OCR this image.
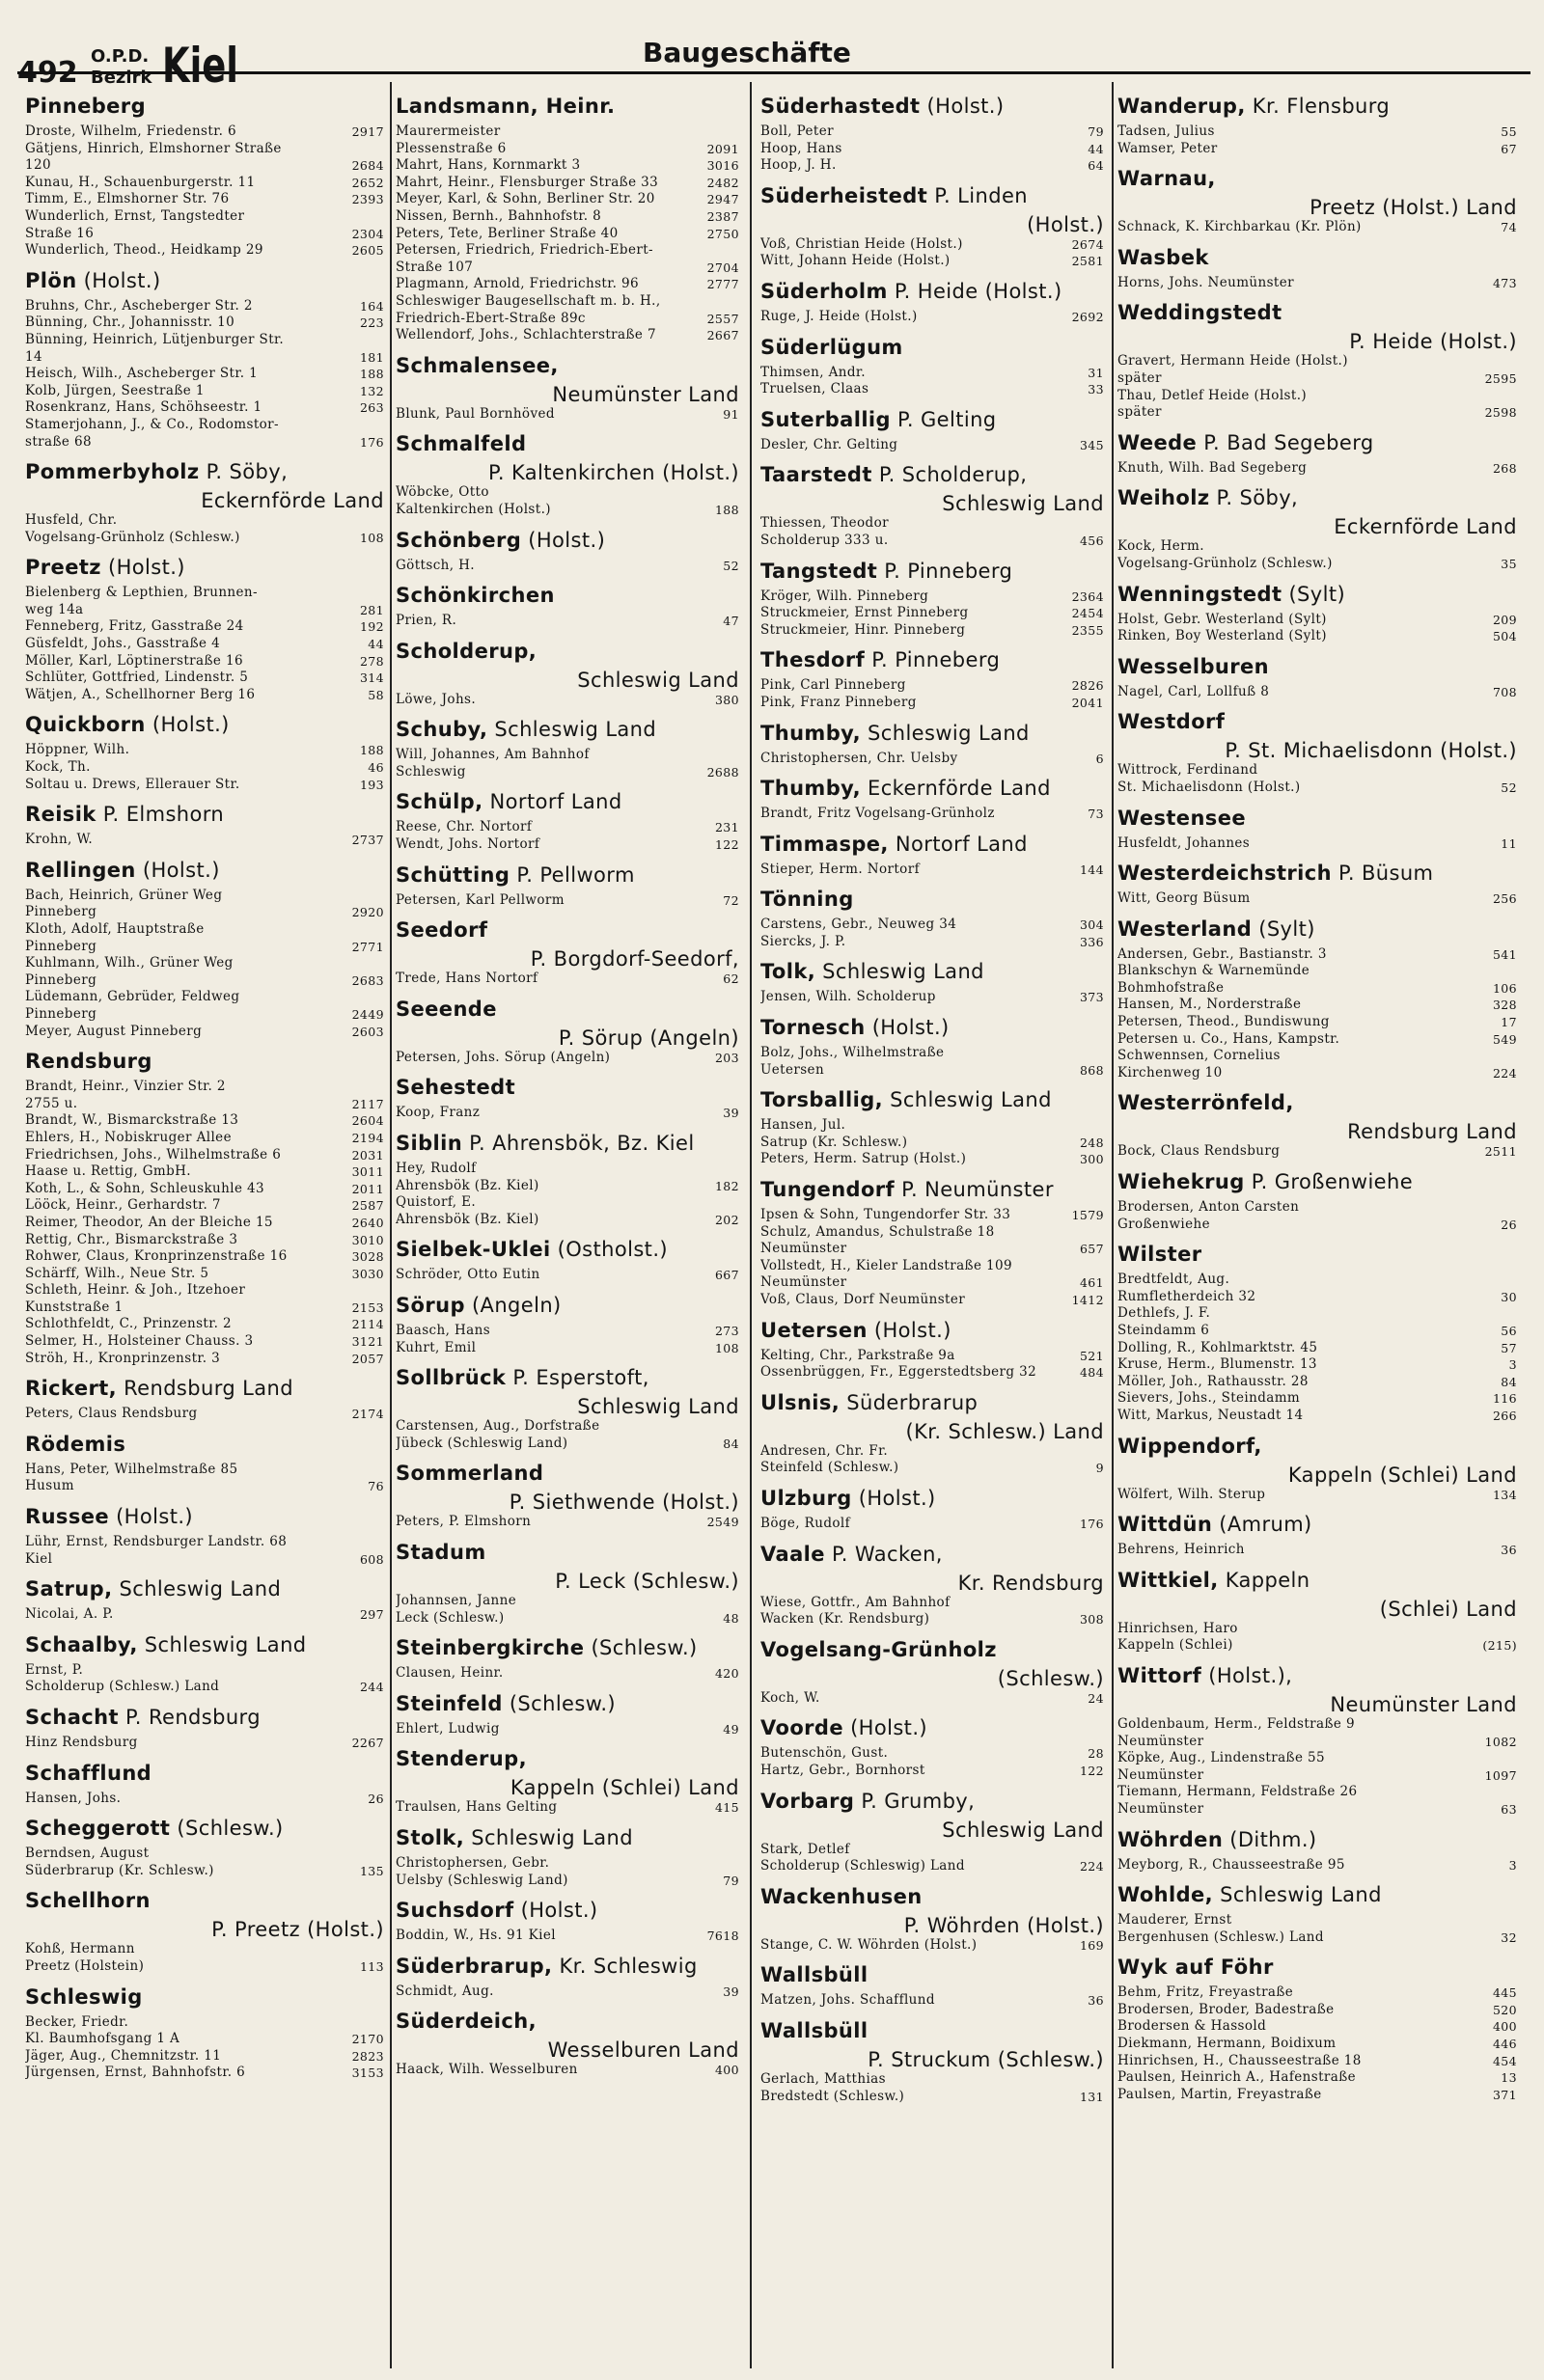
492 O.P.D.
Bezirk Kiel	Baugeschäfte
Pinneberg
Droste, Wilhelm, Friedenstr. 6	2917
Gätjens, Hinrich, Elmshorner Straße
120	2684
Kunau, H., Schauenburgerstr. 11	2652
Timm, E., Elmshorner Str. 76	2393
Wunderlich, Ernst, Tangstedter
Straße 16	2304
Wunderlich, Theod., Heidkamp 29	2605
Plön (Holst.)
Bruhns, Chr., Ascheberger Str. 2	164
Bünning, Chr., Johannisstr. 10	223
Bünning, Heinrich, Lütjenburger Str.
14	181
Heisch, Wilh., Ascheberger Str. 1	188
Kolb, Jürgen, Seestraße 1	132
Rosenkranz, Hans, Schöhseestr. 1	263
Stamerjohann, J., & Co., Rodomstor-
straße 68	176
Pommerbyholz P. Söby,
Eckernförde Land
Husfeld, Chr.
Vogelsang-Grünholz (Schlesw.)	108
Preetz (Holst.)
Bielenberg & Lepthien, Brunnen-
weg 14a	281
Fenneberg, Fritz, Gasstraße 24	192
Güsfeldt, Johs., Gasstraße 4	44
Möller, Karl, Löptinerstraße 16	278
Schlüter, Gottfried, Lindenstr. 5	314
Wätjen, A., Schellhorner Berg 16	58
Quickborn (Holst.)
Höppner, Wilh.	188
Kock, Th.	46
Soltau u. Drews, Ellerauer Str.	193
Reisik P. Elmshorn
Krohn, W.	2737
Rellingen (Holst.)
Bach, Heinrich, Grüner Weg
Pinneberg	2920
Kloth, Adolf, Hauptstraße
Pinneberg	2771
Kuhlmann, Wilh., Grüner Weg
Pinneberg	2683
Lüdemann, Gebrüder, Feldweg
Pinneberg	2449
Meyer, August Pinneberg	2603
Rendsburg
Brandt, Heinr., Vinzier Str. 2
2755 u.	2117
Brandt, W., Bismarckstraße 13	2604
Ehlers, H., Nobiskruger Allee	2194
Friedrichsen, Johs., Wilhelmstraße 6	2031
Haase u. Rettig, GmbH.	3011
Koth, L., & Sohn, Schleuskuhle 43	2011
Lööck, Heinr., Gerhardstr. 7	2587
Reimer, Theodor, An der Bleiche 15	2640
Rettig, Chr., Bismarckstraße 3	3010
Rohwer, Claus, Kronprinzenstraße 16	3028
Schärff, Wilh., Neue Str. 5	3030
Schleth, Heinr. & Joh., Itzehoer
Kunststraße 1	2153
Schlothfeldt, C., Prinzenstr. 2	2114
Selmer, H., Holsteiner Chauss. 3	3121
Ströh, H., Kronprinzenstr. 3	2057
Rickert, Rendsburg Land
Peters, Claus Rendsburg	2174
Rödemis
Hans, Peter, Wilhelmstraße 85
Husum	76
Russee (Holst.)
Lühr, Ernst, Rendsburger Landstr. 68
Kiel	608
Satrup, Schleswig Land
Nicolai, A. P.	297
Schaalby, Schleswig Land
Ernst, P.
Scholderup (Schlesw.) Land	244
Schacht P. Rendsburg
Hinz Rendsburg	2267
Schafflund
Hansen, Johs.	26
Scheggerott (Schlesw.)
Berndsen, August
Süderbrarup (Kr. Schlesw.)	135
Schellhorn
P. Preetz (Holst.)
Kohß, Hermann
Preetz (Holstein)	113
Schleswig
Becker, Friedr.
Kl. Baumhofsgang 1 A	2170
Jäger, Aug., Chemnitzstr. 11	2823
Jürgensen, Ernst, Bahnhofstr. 6	3153
Landsmann, Heinr.
Maurermeister
Plessenstraße 6	2091
Mahrt, Hans, Kornmarkt 3	3016
Mahrt, Heinr., Flensburger Straße 33	2482
Meyer, Karl, & Sohn, Berliner Str. 20	2947
Nissen, Bernh., Bahnhofstr. 8	2387
Peters, Tete, Berliner Straße 40	2750
Petersen, Friedrich, Friedrich-Ebert-
Straße 107	2704
Plagmann, Arnold, Friedrichstr. 96	2777
Schleswiger Baugesellschaft m. b. H.,
Friedrich-Ebert-Straße 89c	2557
Wellendorf, Johs., Schlachterstraße 7	2667
Schmalensee,
Neumünster Land
Blunk, Paul Bornhöved	91
Schmalfeld
P. Kaltenkirchen (Holst.)
Wöbcke, Otto
Kaltenkirchen (Holst.)	188
Schönberg (Holst.)
Göttsch, H.	52
Schönkirchen
Prien, R.	47
Scholderup,
Schleswig Land
Löwe, Johs.	380
Schuby, Schleswig Land
Will, Johannes, Am Bahnhof
Schleswig	2688
Schülp, Nortorf Land
Reese, Chr. Nortorf	231
Wendt, Johs. Nortorf	122
Schütting P. Pellworm
Petersen, Karl Pellworm	72
Seedorf
P. Borgdorf-Seedorf,
Trede, Hans Nortorf	62
Seeende
P. Sörup (Angeln)
Petersen, Johs. Sörup (Angeln)	203
Sehestedt
Koop, Franz	39
Siblin P. Ahrensbök, Bz. Kiel
Hey, Rudolf
Ahrensbök (Bz. Kiel)	182
Quistorf, E.
Ahrensbök (Bz. Kiel)	202
Sielbek-Uklei (Ostholst.)
Schröder, Otto Eutin	667
Sörup (Angeln)
Baasch, Hans	273
Kuhrt, Emil	108
Sollbrück P. Esperstoft,
Schleswig Land
Carstensen, Aug., Dorfstraße
Jübeck (Schleswig Land)	84
Sommerland
P. Siethwende (Holst.)
Peters, P. Elmshorn	2549
Stadum
P. Leck (Schlesw.)
Johannsen, Janne
Leck (Schlesw.)	48
Steinbergkirche (Schlesw.)
Clausen, Heinr.	420
Steinfeld (Schlesw.)
Ehlert, Ludwig	49
Stenderup,
Kappeln (Schlei) Land
Traulsen, Hans Gelting	415
Stolk, Schleswig Land
Christophersen, Gebr.
Uelsby (Schleswig Land)	79
Suchsdorf (Holst.)
Boddin, W., Hs. 91 Kiel	7618
Süderbrarup, Kr. Schleswig
Schmidt, Aug.	39
Süderdeich,
Wesselburen Land
Haack, Wilh. Wesselburen	400
Süderhastedt (Holst.)
Boll, Peter	79
Hoop, Hans	44
Hoop, J. H.	64
Süderheistedt P. Linden
(Holst.)
Voß, Christian Heide (Holst.)	2674
Witt, Johann Heide (Holst.)	2581
Süderholm P. Heide (Holst.)
Ruge, J. Heide (Holst.)	2692
Süderlügum
Thimsen, Andr.	31
Truelsen, Claas	33
Suterballig P. Gelting
Desler, Chr. Gelting	345
Taarstedt P. Scholderup,
Schleswig Land
Thiessen, Theodor
Scholderup 333 u.	456
Tangstedt P. Pinneberg
Kröger, Wilh. Pinneberg	2364
Struckmeier, Ernst Pinneberg	2454
Struckmeier, Hinr. Pinneberg	2355
Thesdorf P. Pinneberg
Pink, Carl Pinneberg	2826
Pink, Franz Pinneberg	2041
Thumby, Schleswig Land
Christophersen, Chr. Uelsby	6
Thumby, Eckernförde Land
Brandt, Fritz Vogelsang-Grünholz	73
Timmaspe, Nortorf Land
Stieper, Herm. Nortorf	144
Tönning
Carstens, Gebr., Neuweg 34	304
Siercks, J. P.	336
Tolk, Schleswig Land
Jensen, Wilh. Scholderup	373
Tornesch (Holst.)
Bolz, Johs., Wilhelmstraße
Uetersen	868
Torsballig, Schleswig Land
Hansen, Jul.
Satrup (Kr. Schlesw.)	248
Peters, Herm. Satrup (Holst.)	300
Tungendorf P. Neumünster
Ipsen & Sohn, Tungendorfer Str. 33	1579
Schulz, Amandus, Schulstraße 18
Neumünster	657
Vollstedt, H., Kieler Landstraße 109
Neumünster	461
Voß, Claus, Dorf Neumünster	1412
Uetersen (Holst.)
Kelting, Chr., Parkstraße 9a	521
Ossenbrüggen, Fr., Eggerstedtsberg 32	484
Ulsnis, Süderbrarup
(Kr. Schlesw.) Land
Andresen, Chr. Fr.
Steinfeld (Schlesw.)	9
Ulzburg (Holst.)
Böge, Rudolf	176
Vaale P. Wacken,
Kr. Rendsburg
Wiese, Gottfr., Am Bahnhof
Wacken (Kr. Rendsburg)	308
Vogelsang-Grünholz
(Schlesw.)
Koch, W.	24
Voorde (Holst.)
Butenschön, Gust.	28
Hartz, Gebr., Bornhorst	122
Vorbarg P. Grumby,
Schleswig Land
Stark, Detlef
Scholderup (Schleswig) Land	224
Wackenhusen
P. Wöhrden (Holst.)
Stange, C. W. Wöhrden (Holst.)	169
Wallsbüll
Matzen, Johs. Schafflund	36
Wallsbüll
P. Struckum (Schlesw.)
Gerlach, Matthias
Bredstedt (Schlesw.)	131
Wanderup, Kr. Flensburg
Tadsen, Julius	55
Wamser, Peter	67
Warnau,
Preetz (Holst.) Land
Schnack, K. Kirchbarkau (Kr. Plön)	74
Wasbek
Horns, Johs. Neumünster	473
Weddingstedt
P. Heide (Holst.)
Gravert, Hermann Heide (Holst.)
später	2595
Thau, Detlef Heide (Holst.)
später	2598
Weede P. Bad Segeberg
Knuth, Wilh. Bad Segeberg	268
Weiholz P. Söby,
Eckernförde Land
Kock, Herm.
Vogelsang-Grünholz (Schlesw.)	35
Wenningstedt (Sylt)
Holst, Gebr. Westerland (Sylt)	209
Rinken, Boy Westerland (Sylt)	504
Wesselburen
Nagel, Carl, Lollfuß 8	708
Westdorf
P. St. Michaelisdonn (Holst.)
Wittrock, Ferdinand
St. Michaelisdonn (Holst.)	52
Westensee
Husfeldt, Johannes	11
Westerdeichstrich P. Büsum
Witt, Georg Büsum	256
Westerland (Sylt)
Andersen, Gebr., Bastianstr. 3	541
Blankschyn & Warnemünde
Bohmhofstraße	106
Hansen, M., Norderstraße	328
Petersen, Theod., Bundiswung	17
Petersen u. Co., Hans, Kampstr.	549
Schwennsen, Cornelius
Kirchenweg 10	224
Westerrönfeld,
Rendsburg Land
Bock, Claus Rendsburg	2511
Wiehekrug P. Großenwiehe
Brodersen, Anton Carsten
Großenwiehe	26
Wilster
Bredtfeldt, Aug.
Rumfletherdeich 32	30
Dethlefs, J. F.
Steindamm 6	56
Dolling, R., Kohlmarktstr. 45	57
Kruse, Herm., Blumenstr. 13	3
Möller, Joh., Rathausstr. 28	84
Sievers, Johs., Steindamm	116
Witt, Markus, Neustadt 14	266
Wippendorf,
Kappeln (Schlei) Land
Wölfert, Wilh. Sterup	134
Wittdün (Amrum)
Behrens, Heinrich	36
Wittkiel, Kappeln
(Schlei) Land
Hinrichsen, Haro
Kappeln (Schlei)	(215)
Wittorf (Holst.),
Neumünster Land
Goldenbaum, Herm., Feldstraße 9
Neumünster	1082
Köpke, Aug., Lindenstraße 55
Neumünster	1097
Tiemann, Hermann, Feldstraße 26
Neumünster	63
Wöhrden (Dithm.)
Meyborg, R., Chausseestraße 95	3
Wohlde, Schleswig Land
Mauderer, Ernst
Bergenhusen (Schlesw.) Land	32
Wyk auf Föhr
Behm, Fritz, Freyastraße	445
Brodersen, Broder, Badestraße	520
Brodersen & Hassold	400
Diekmann, Hermann, Boidixum	446
Hinrichsen, H., Chausseestraße 18	454
Paulsen, Heinrich A., Hafenstraße	13
Paulsen, Martin, Freyastraße	371
